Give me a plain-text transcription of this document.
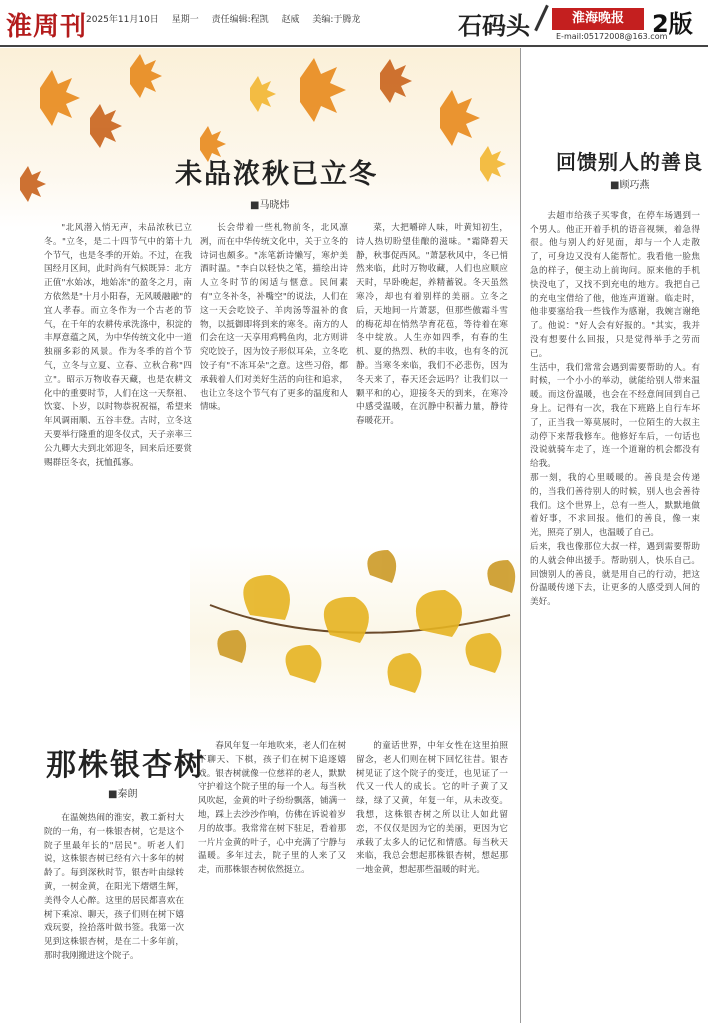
淮周刊
2025年11月10日 星期一 责任编辑:程凯 赵威 美编:于腾龙	石码头	淮海晚报	2版
E-mail:05172008@163.com
未品浓秋已立冬
■马晓炜

"北风潜入悄无声，未品浓秋已立冬。"立冬，是二十四节气中的第十九个节气，也是冬季的开始。不过，在我国经月区间，此时尚有气候既异：北方正值"水始冰，地始冻"的盈冬之月，南方依然是"十月小阳春，无风暖融融"的宜人孝春。而立冬作为一个古老的节气，在千年的农耕传承洗涤中，积淀的丰厚意蕴之风，为中华传统文化中一道独丽多彩的风景。作为冬季的首个节气，立冬与立夏、立春、立秋合称"四立"。昭示万物收春天藏，也是农耕文化中的重要时节，人们在这一天祭祖、饮宴、卜岁，以时物恭祝祝福，希望来年风调雨顺、五谷丰登。古时，立冬这天要举行隆重的迎冬仪式，天子亲率三公九卿大夫到北郊迎冬，回来后还要赏赐群臣冬衣，抚恤孤寡。

长会带着一些札物前冬，北风凛冽，而在中华传统文化中，关于立冬的诗词也颇多。"冻笔新诗懒写，寒炉美酒时温。"李白以轻快之笔，描绘出诗人立冬时节的闲适与惬意。民间素有"立冬补冬，补嘴空"的说法，人们在这一天会吃饺子、羊肉汤等温补的食物，以抵御即将到来的寒冬。南方的人们会在这一天享用鸡鸭鱼肉，北方则讲究吃饺子，因为饺子形似耳朵，立冬吃饺子有"不冻耳朵"之意。这些习俗，都承载着人们对美好生活的向往和追求，也让立冬这个节气有了更多的温度和人情味。

菜，大把嚼碎人味，叶黄知初生，诗人热切盼望佳酿的滋味。"霜降碧天静，秋事促西风。"萧瑟秋风中，冬已悄然来临，此时万物收藏，人们也应顺应天时，早卧晚起，养精蓄锐。冬天虽然寒冷，却也有着别样的美丽。立冬之后，天地间一片萧瑟，但那些傲霜斗雪的梅花却在悄然孕育花苞，等待着在寒冬中绽放。人生亦如四季，有春的生机、夏的热烈、秋的丰收，也有冬的沉静。当寒冬来临，我们不必悲伤，因为冬天来了，春天还会远吗？让我们以一颗平和的心，迎接冬天的到来，在寒冷中感受温暖，在沉静中积蓄力量，静待春暖花开。

那株银杏树
■秦朗

在温婉热闹的淮安，教工新村大院的一角，有一株银杏树，它是这个院子里最年长的"居民"。听老人们说，这株银杏树已经有六十多年的树龄了。每到深秋时节，银杏叶由绿转黄，一树金黄，在阳光下熠熠生辉，美得令人心醉。这里的居民都喜欢在树下乘凉、聊天，孩子们则在树下嬉戏玩耍，捡拾落叶做书签。我第一次见到这株银杏树，是在二十多年前，那时我刚搬进这个院子。

春风年复一年地吹来，老人们在树下聊天、下棋，孩子们在树下追逐嬉戏。银杏树就像一位慈祥的老人，默默守护着这个院子里的每一个人。每当秋风吹起，金黄的叶子纷纷飘落，铺满一地，踩上去沙沙作响，仿佛在诉说着岁月的故事。我常常在树下驻足，看着那一片片金黄的叶子，心中充满了宁静与温暖。多年过去，院子里的人来了又走，而那株银杏树依然挺立。

的童话世界，中年女性在这里拍照留念，老人们则在树下回忆往昔。银杏树见证了这个院子的变迁，也见证了一代又一代人的成长。它的叶子黄了又绿，绿了又黄，年复一年，从未改变。我想，这株银杏树之所以让人如此留恋，不仅仅是因为它的美丽，更因为它承载了太多人的记忆和情感。每当秋天来临，我总会想起那株银杏树，想起那一地金黄，想起那些温暖的时光。

回馈别人的善良
■顾巧燕

去超市给孩子买零食，在停车场遇到一个男人。他正开着手机的语音视频，着急得很。他与别人约好见面，却与一个人走散了，可身边又没有人能帮忙。我看他一脸焦急的样子，便主动上前询问。原来他的手机快没电了，又找不到充电的地方。我把自己的充电宝借给了他，他连声道谢。临走时，他非要塞给我一些钱作为感谢，我婉言谢绝了。他说："好人会有好报的。"其实，我并没有想要什么回报，只是觉得举手之劳而已。
生活中，我们常常会遇到需要帮助的人。有时候，一个小小的举动，就能给别人带来温暖。而这份温暖，也会在不经意间回到自己身上。记得有一次，我在下班路上自行车坏了，正当我一筹莫展时，一位陌生的大叔主动停下来帮我修车。他修好车后，一句话也没说就骑车走了，连一个道谢的机会都没有给我。
那一刻，我的心里暖暖的。善良是会传递的，当我们善待别人的时候，别人也会善待我们。这个世界上，总有一些人，默默地做着好事，不求回报。他们的善良，像一束光，照亮了别人，也温暖了自己。
后来，我也像那位大叔一样，遇到需要帮助的人就会伸出援手。帮助别人，快乐自己。回馈别人的善良，就是用自己的行动，把这份温暖传递下去，让更多的人感受到人间的美好。
